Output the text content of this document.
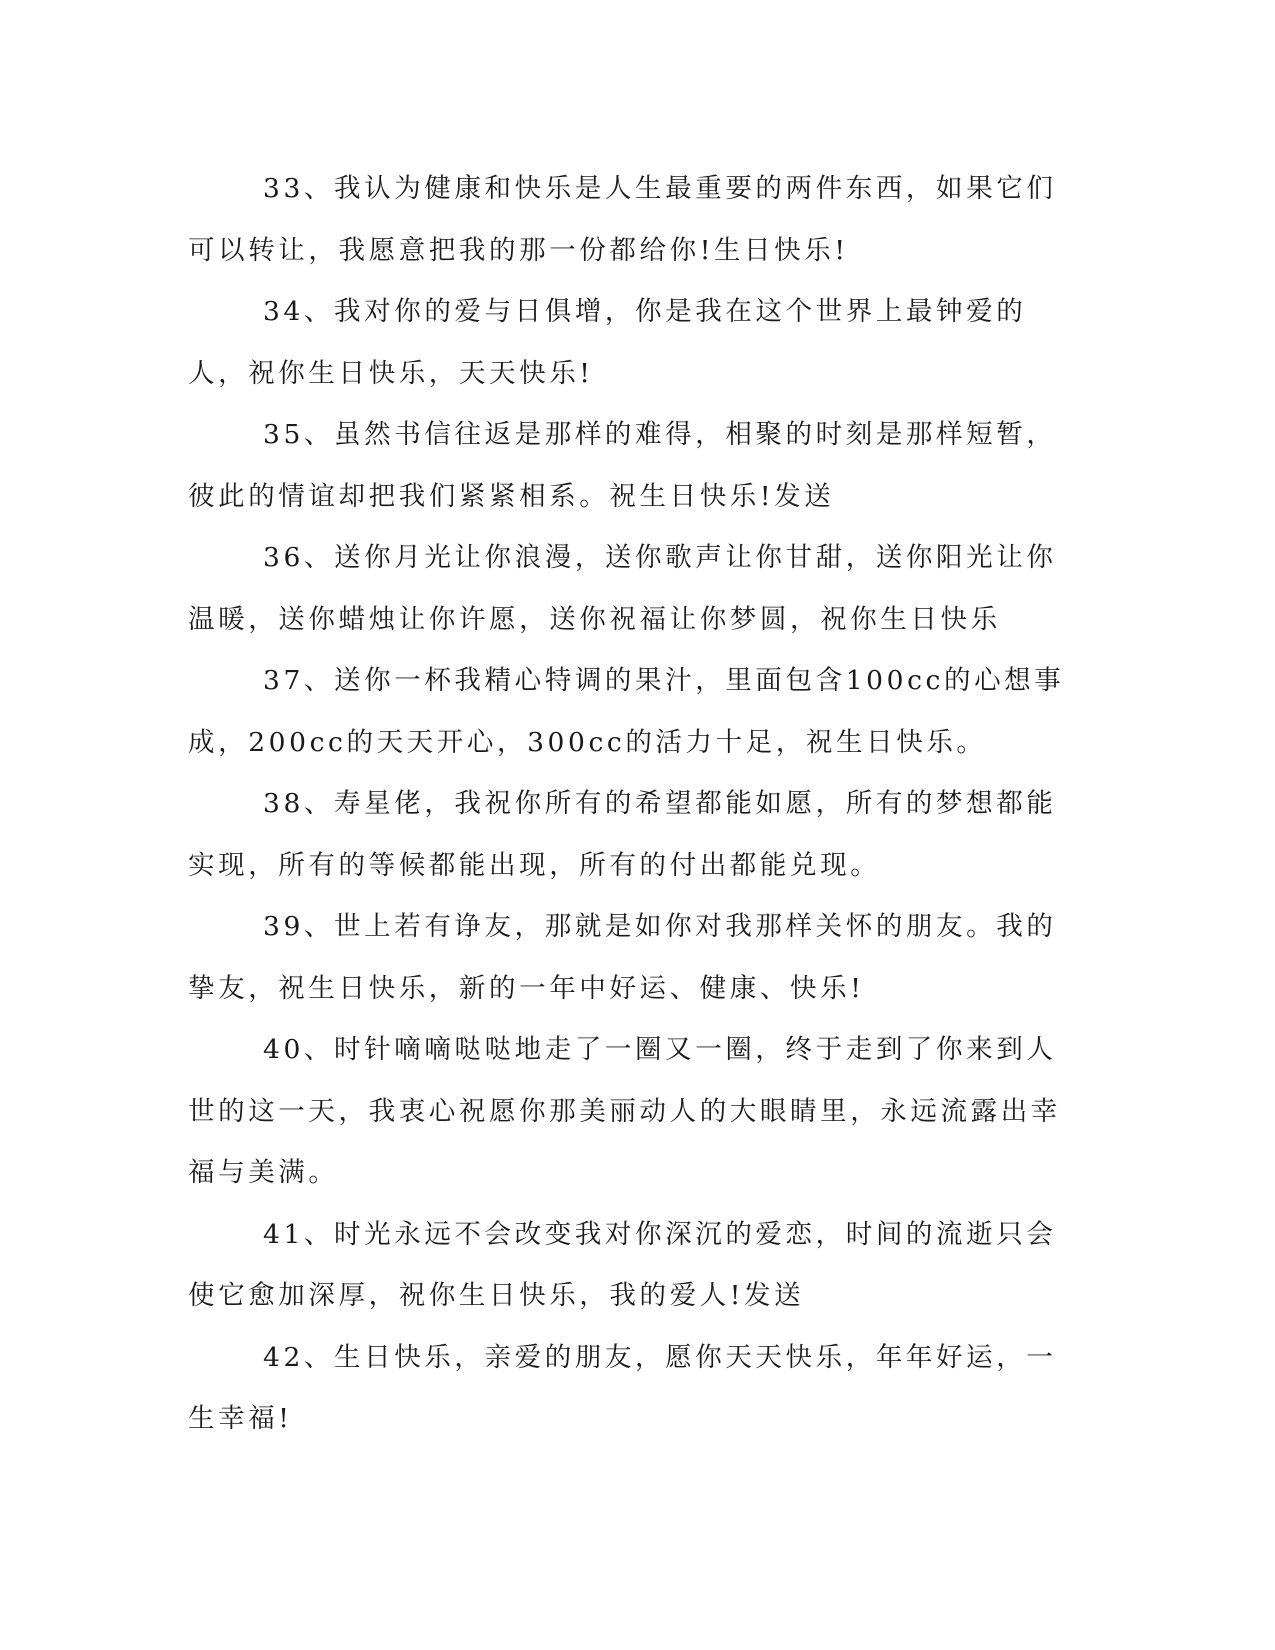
33、我认为健康和快乐是人生最重要的两件东西，如果它们可以转让，我愿意把我的那一份都给你!生日快乐!

34、我对你的爱与日俱增，你是我在这个世界上最钟爱的人，祝你生日快乐，天天快乐!

35、虽然书信往返是那样的难得，相聚的时刻是那样短暂，彼此的情谊却把我们紧紧相系。祝生日快乐!发送

36、送你月光让你浪漫，送你歌声让你甘甜，送你阳光让你温暖，送你蜡烛让你许愿，送你祝福让你梦圆，祝你生日快乐

37、送你一杯我精心特调的果汁，里面包含100cc的心想事成，200cc的天天开心，300cc的活力十足，祝生日快乐。

38、寿星佬，我祝你所有的希望都能如愿，所有的梦想都能实现，所有的等候都能出现，所有的付出都能兑现。

39、世上若有诤友，那就是如你对我那样关怀的朋友。我的挚友，祝生日快乐，新的一年中好运、健康、快乐!

40、时针嘀嘀哒哒地走了一圈又一圈，终于走到了你来到人世的这一天，我衷心祝愿你那美丽动人的大眼睛里，永远流露出幸福与美满。

41、时光永远不会改变我对你深沉的爱恋，时间的流逝只会使它愈加深厚，祝你生日快乐，我的爱人!发送

42、生日快乐，亲爱的朋友，愿你天天快乐，年年好运，一生幸福!
